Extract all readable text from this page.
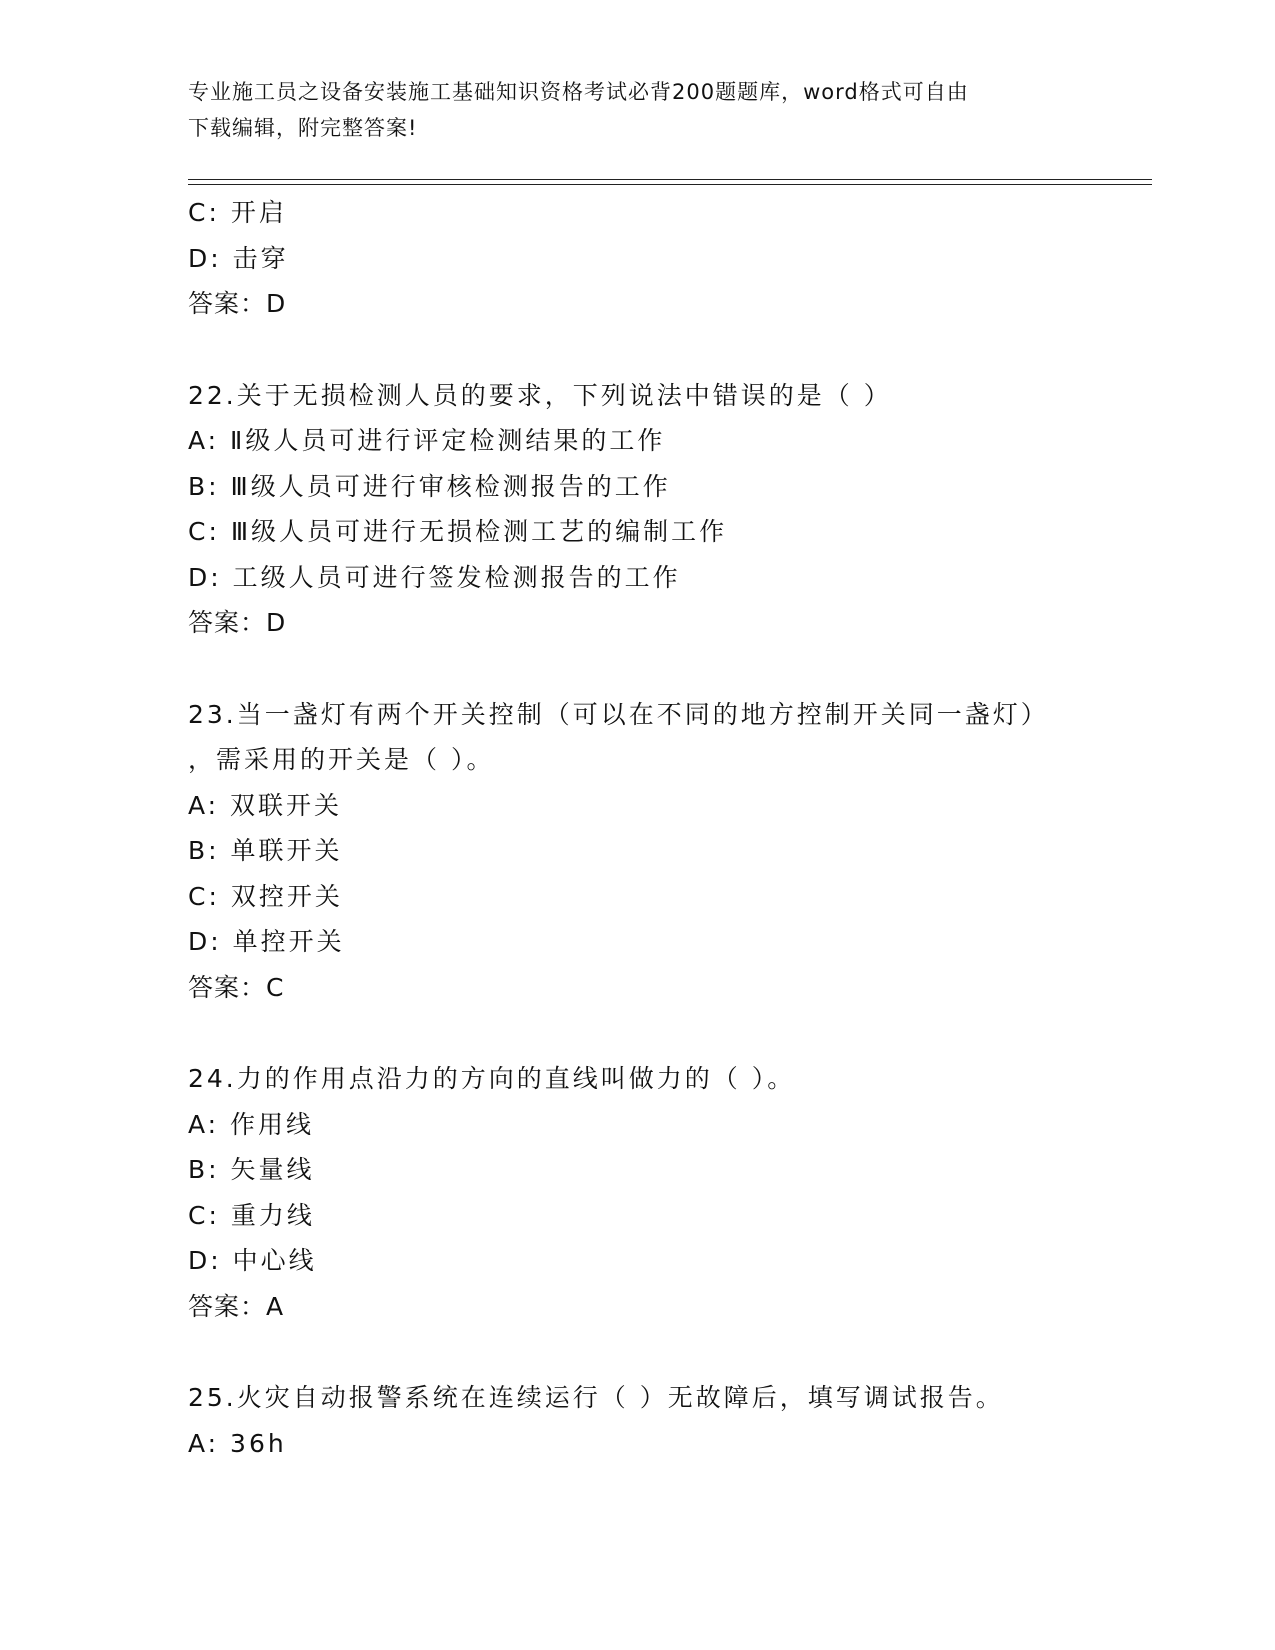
专业施工员之设备安装施工基础知识资格考试必背200题题库，word格式可自由
下载编辑，附完整答案!
C: 开启
D: 击穿
答案：D
22.关于无损检测人员的要求，下列说法中错误的是（ ）
A: Ⅱ级人员可进行评定检测结果的工作
B: Ⅲ级人员可进行审核检测报告的工作
C: Ⅲ级人员可进行无损检测工艺的编制工作
D: 工级人员可进行签发检测报告的工作
答案：D
23.当一盏灯有两个开关控制（可以在不同的地方控制开关同一盏灯）
，需采用的开关是（ ）。
A: 双联开关
B: 单联开关
C: 双控开关
D: 单控开关
答案：C
24.力的作用点沿力的方向的直线叫做力的（ ）。
A: 作用线
B: 矢量线
C: 重力线
D: 中心线
答案：A
25.火灾自动报警系统在连续运行（ ）无故障后，填写调试报告。
A: 36h
